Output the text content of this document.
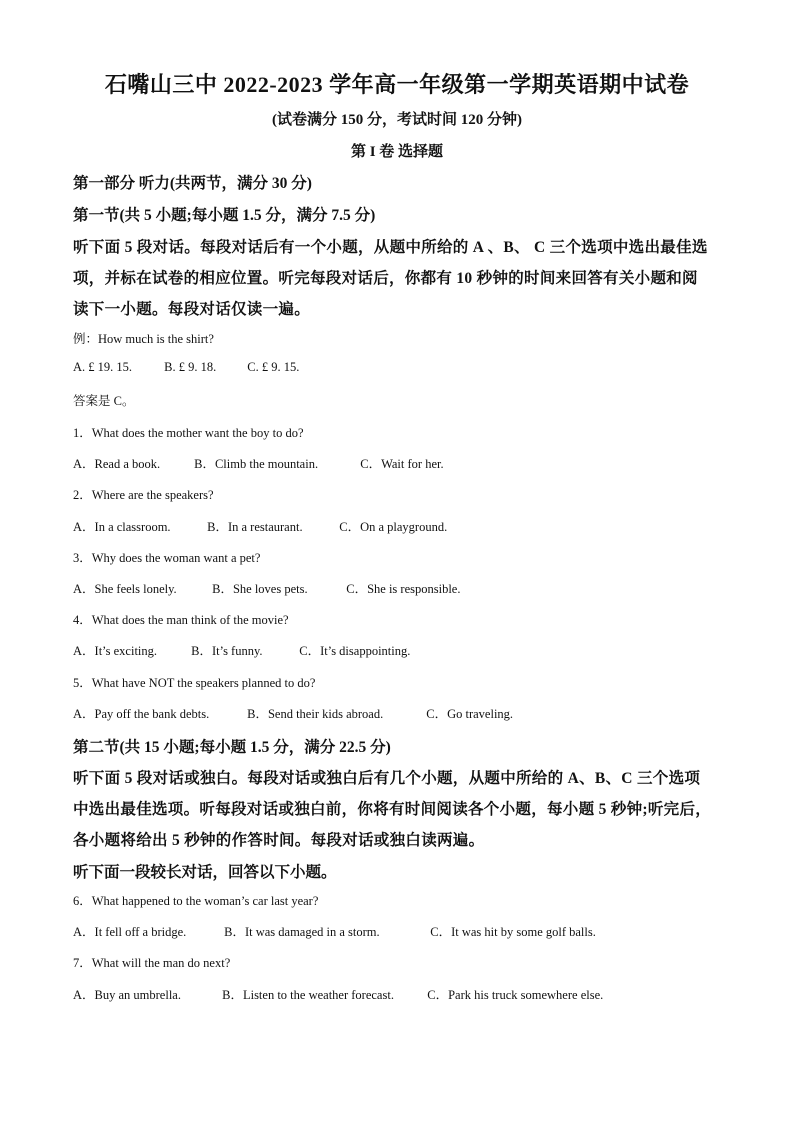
石嘴山三中 2022-2023 学年高一年级第一学期英语期中试卷
(试卷满分 150 分，考试时间 120 分钟)
第 I 卷 选择题
第一部分 听力(共两节，满分 30 分)
第一节(共 5 小题;每小题 1.5 分，满分 7.5 分)
听下面 5 段对话。每段对话后有一个小题，从题中所给的 A 、B、 C 三个选项中选出最佳选
项，并标在试卷的相应位置。听完每段对话后，你都有 10 秒钟的时间来回答有关小题和阅
读下一小题。每段对话仅读一遍。
例：How much is the shirt?
A. £ 19. 15.	B. £ 9. 18. C. £ 9. 15.
答案是 C。
1．What does the mother want the boy to do?
A．Read a book.	B．Climb the mountain.	C．Wait for her.
2．Where are the speakers?
A．In a classroom.	B．In a restaurant.	C．On a playground.
3．Why does the woman want a pet?
A．She feels lonely.	B．She loves pets.	C．She is responsible.
4．What does the man think of the movie?
A．It’s exciting.	B．It’s funny.	C．It’s disappointing.
5．What have NOT the speakers planned to do?
A．Pay off the bank debts.	B．Send their kids abroad.	C．Go traveling.
第二节(共 15 小题;每小题 1.5 分，满分 22.5 分)
听下面 5 段对话或独白。每段对话或独白后有几个小题，从题中所给的 A、B、C 三个选项
中选出最佳选项。听每段对话或独白前，你将有时间阅读各个小题，每小题 5 秒钟;听完后，
各小题将给出 5 秒钟的作答时间。每段对话或独白读两遍。
听下面一段较长对话，回答以下小题。
6．What happened to the woman’s car last year?
A．It fell off a bridge.	B．It was damaged in a storm.	C．It was hit by some golf balls.
7．What will the man do next?
A．Buy an umbrella.	B．Listen to the weather forecast.	C．Park his truck somewhere else.
